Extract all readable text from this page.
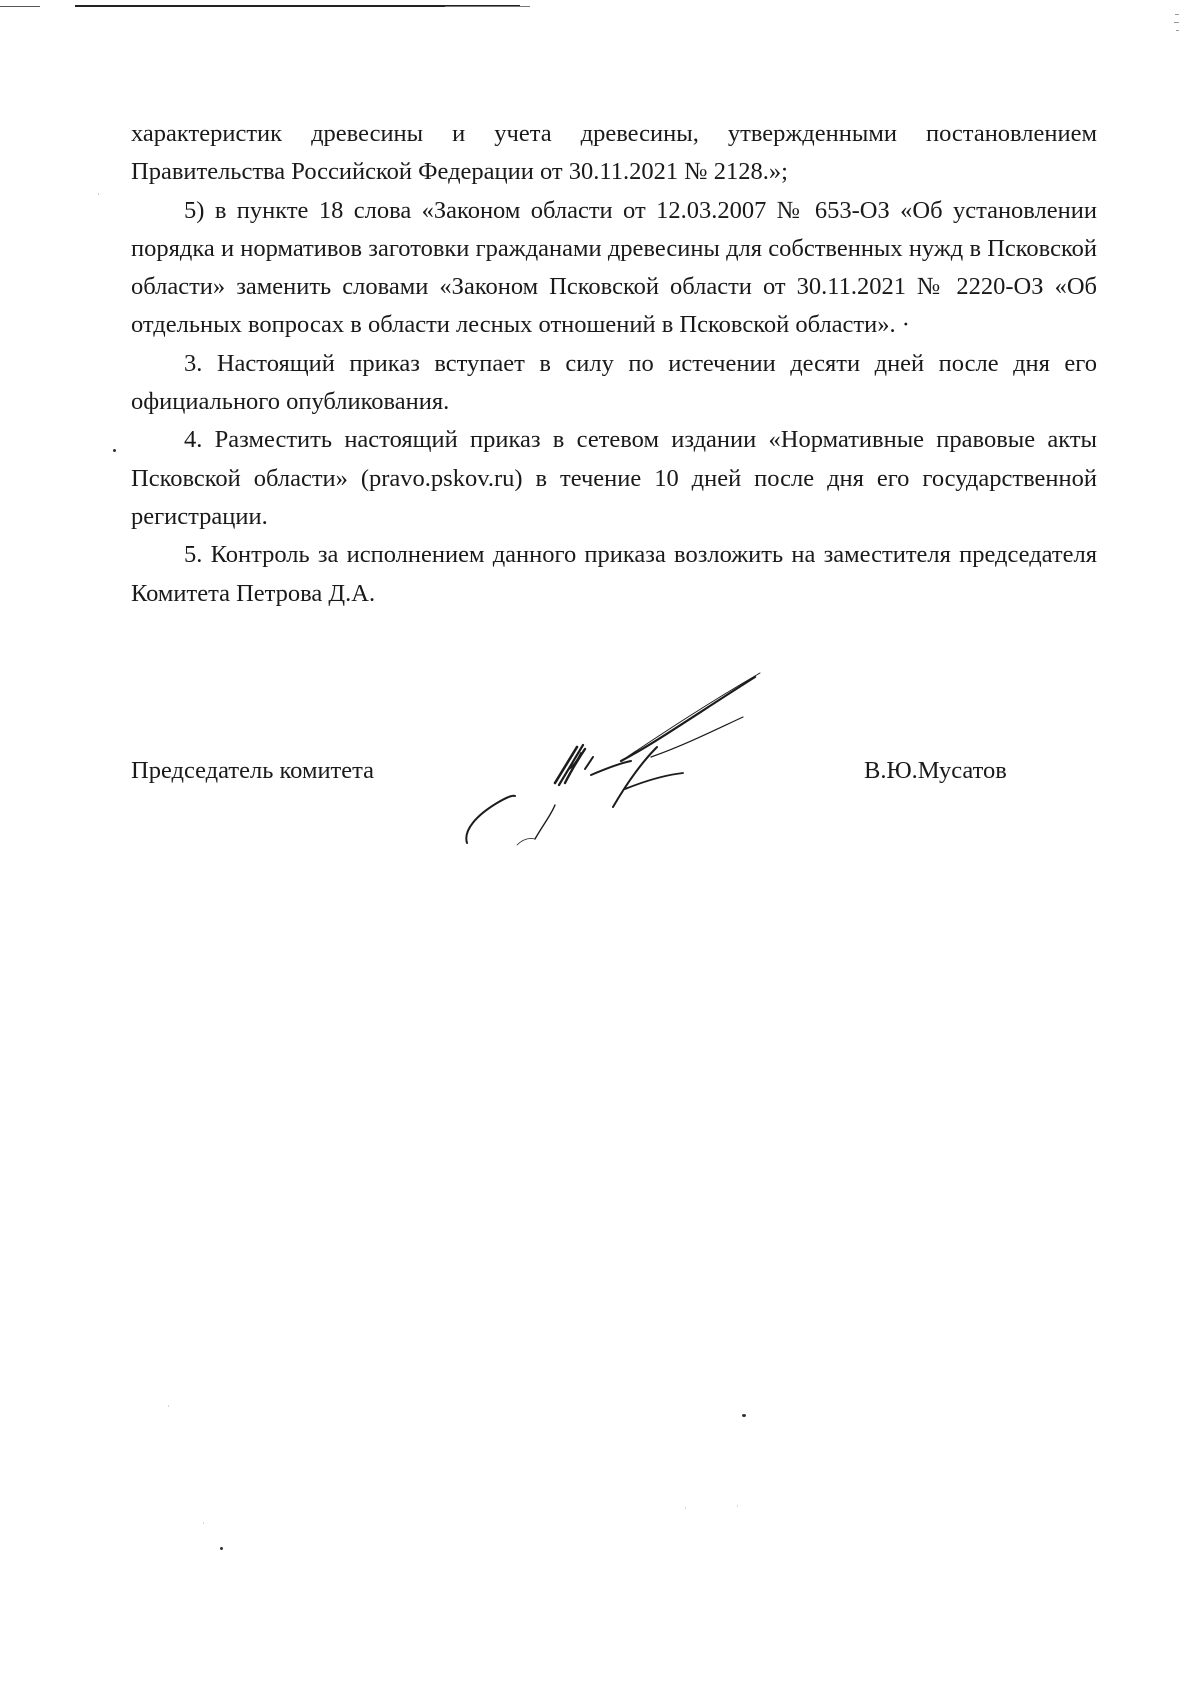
характеристик древесины и учета древесины, утвержденными постановлением Правительства Российской Федерации от 30.11.2021 № 2128.»;

5) в пункте 18 слова «Законом области от 12.03.2007 № 653-ОЗ «Об установлении порядка и нормативов заготовки гражданами древесины для собственных нужд в Псковской области» заменить словами «Законом Псковской области от 30.11.2021 № 2220-ОЗ «Об отдельных вопросах в области лесных отношений в Псковской области». ·

3. Настоящий приказ вступает в силу по истечении десяти дней после дня его официального опубликования.

4. Разместить настоящий приказ в сетевом издании «Нормативные правовые акты Псковской области» (pravo.pskov.ru) в течение 10 дней после дня его государственной регистрации.

5. Контроль за исполнением данного приказа возложить на заместителя председателя Комитета Петрова Д.А.

Председатель комитета	В.Ю.Мусатов
